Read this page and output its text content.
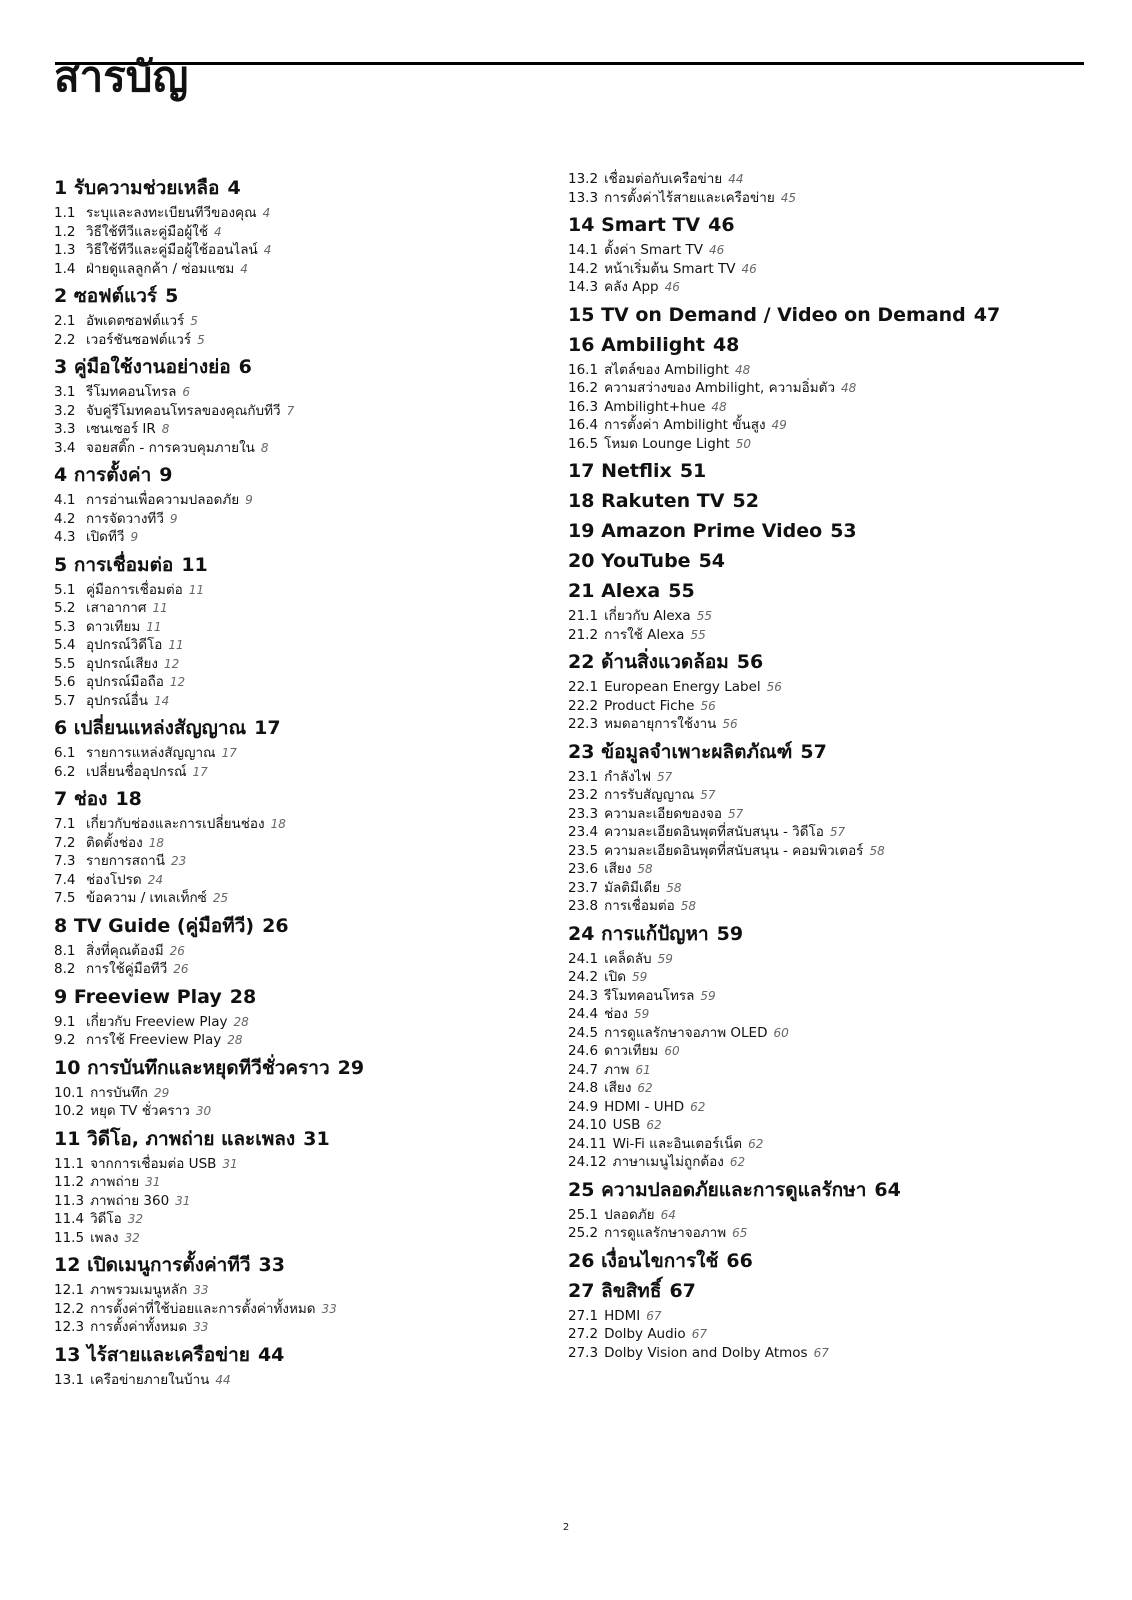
สารบัญ
1 รับความช่วยเหลือ 4
1.1 ระบุและลงทะเบียนทีวีของคุณ 4
1.2 วิธีใช้ทีวีและคู่มือผู้ใช้ 4
1.3 วิธีใช้ทีวีและคู่มือผู้ใช้ออนไลน์ 4
1.4 ฝ่ายดูแลลูกค้า / ซ่อมแซม 4
2 ซอฟต์แวร์ 5
2.1 อัพเดตซอฟต์แวร์ 5
2.2 เวอร์ชันซอฟต์แวร์ 5
3 คู่มือใช้งานอย่างย่อ 6
3.1 รีโมทคอนโทรล 6
3.2 จับคู่รีโมทคอนโทรลของคุณกับทีวี 7
3.3 เซนเซอร์ IR 8
3.4 จอยสติ๊ก - การควบคุมภายใน 8
4 การตั้งค่า 9
4.1 การอ่านเพื่อความปลอดภัย 9
4.2 การจัดวางทีวี 9
4.3 เปิดทีวี 9
5 การเชื่อมต่อ 11
5.1 คู่มือการเชื่อมต่อ 11
5.2 เสาอากาศ 11
5.3 ดาวเทียม 11
5.4 อุปกรณ์วิดีโอ 11
5.5 อุปกรณ์เสียง 12
5.6 อุปกรณ์มือถือ 12
5.7 อุปกรณ์อื่น 14
6 เปลี่ยนแหล่งสัญญาณ 17
6.1 รายการแหล่งสัญญาณ 17
6.2 เปลี่ยนชื่ออุปกรณ์ 17
7 ช่อง 18
7.1 เกี่ยวกับช่องและการเปลี่ยนช่อง 18
7.2 ติดตั้งช่อง 18
7.3 รายการสถานี 23
7.4 ช่องโปรด 24
7.5 ข้อความ / เทเลเท็กซ์ 25
8 TV Guide (คู่มือทีวี) 26
8.1 สิ่งที่คุณต้องมี 26
8.2 การใช้คู่มือทีวี 26
9 Freeview Play 28
9.1 เกี่ยวกับ Freeview Play 28
9.2 การใช้ Freeview Play 28
10 การบันทึกและหยุดทีวีชั่วคราว 29
10.1 การบันทึก 29
10.2 หยุด TV ชั่วคราว 30
11 วิดีโอ, ภาพถ่าย และเพลง 31
11.1 จากการเชื่อมต่อ USB 31
11.2 ภาพถ่าย 31
11.3 ภาพถ่าย 360 31
11.4 วิดีโอ 32
11.5 เพลง 32
12 เปิดเมนูการตั้งค่าทีวี 33
12.1 ภาพรวมเมนูหลัก 33
12.2 การตั้งค่าที่ใช้บ่อยและการตั้งค่าทั้งหมด 33
12.3 การตั้งค่าทั้งหมด 33
13 ไร้สายและเครือข่าย 44
13.1 เครือข่ายภายในบ้าน 44
13.2 เชื่อมต่อกับเครือข่าย 44
13.3 การตั้งค่าไร้สายและเครือข่าย 45
14 Smart TV 46
14.1 ตั้งค่า Smart TV 46
14.2 หน้าเริ่มต้น Smart TV 46
14.3 คลัง App 46
15 TV on Demand / Video on Demand 47
16 Ambilight 48
16.1 สไตล์ของ Ambilight 48
16.2 ความสว่างของ Ambilight, ความอิ่มตัว 48
16.3 Ambilight+hue 48
16.4 การตั้งค่า Ambilight ขั้นสูง 49
16.5 โหมด Lounge Light 50
17 Netflix 51
18 Rakuten TV 52
19 Amazon Prime Video 53
20 YouTube 54
21 Alexa 55
21.1 เกี่ยวกับ Alexa 55
21.2 การใช้ Alexa 55
22 ด้านสิ่งแวดล้อม 56
22.1 European Energy Label 56
22.2 Product Fiche 56
22.3 หมดอายุการใช้งาน 56
23 ข้อมูลจำเพาะผลิตภัณฑ์ 57
23.1 กำลังไฟ 57
23.2 การรับสัญญาณ 57
23.3 ความละเอียดของจอ 57
23.4 ความละเอียดอินพุตที่สนับสนุน - วิดีโอ 57
23.5 ความละเอียดอินพุตที่สนับสนุน - คอมพิวเตอร์ 58
23.6 เสียง 58
23.7 มัลติมีเดีย 58
23.8 การเชื่อมต่อ 58
24 การแก้ปัญหา 59
24.1 เคล็ดลับ 59
24.2 เปิด 59
24.3 รีโมทคอนโทรล 59
24.4 ช่อง 59
24.5 การดูแลรักษาจอภาพ OLED 60
24.6 ดาวเทียม 60
24.7 ภาพ 61
24.8 เสียง 62
24.9 HDMI - UHD 62
24.10 USB 62
24.11 Wi-Fi และอินเตอร์เน็ต 62
24.12 ภาษาเมนูไม่ถูกต้อง 62
25 ความปลอดภัยและการดูแลรักษา 64
25.1 ปลอดภัย 64
25.2 การดูแลรักษาจอภาพ 65
26 เงื่อนไขการใช้ 66
27 ลิขสิทธิ์ 67
27.1 HDMI 67
27.2 Dolby Audio 67
27.3 Dolby Vision and Dolby Atmos 67
2
